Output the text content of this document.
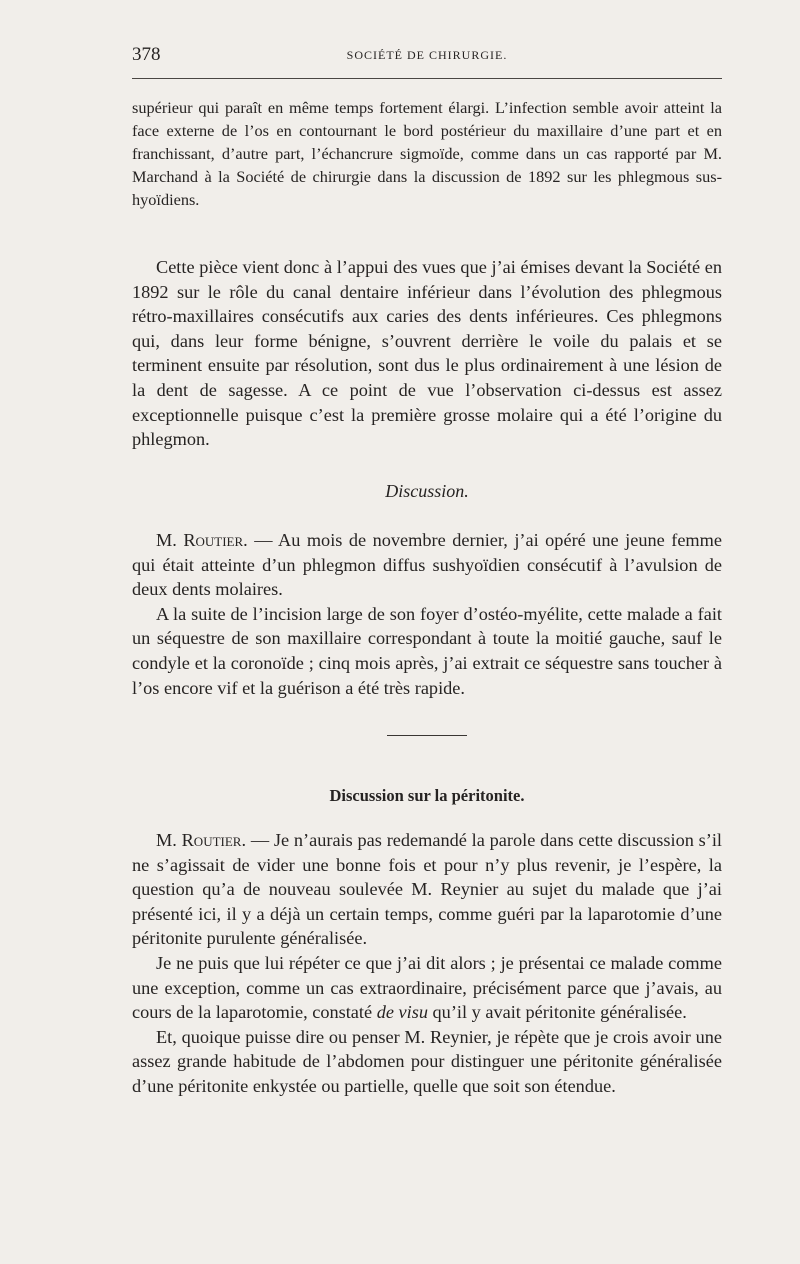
378	SOCIÉTÉ DE CHIRURGIE.

supérieur qui paraît en même temps fortement élargi. L’infection semble avoir atteint la face externe de l’os en contournant le bord postérieur du maxillaire d’une part et en franchissant, d’autre part, l’échancrure sigmoïde, comme dans un cas rapporté par M. Marchand à la Société de chirurgie dans la discussion de 1892 sur les phlegmous sus-hyoïdiens.

Cette pièce vient donc à l’appui des vues que j’ai émises devant la Société en 1892 sur le rôle du canal dentaire inférieur dans l’évolution des phlegmous rétro-maxillaires consécutifs aux caries des dents inférieures. Ces phlegmons qui, dans leur forme bénigne, s’ouvrent derrière le voile du palais et se terminent ensuite par résolution, sont dus le plus ordinairement à une lésion de la dent de sagesse. A ce point de vue l’observation ci-dessus est assez exceptionnelle puisque c’est la première grosse molaire qui a été l’origine du phlegmon.

Discussion.

M. Routier. — Au mois de novembre dernier, j’ai opéré une jeune femme qui était atteinte d’un phlegmon diffus sushyoïdien consécutif à l’avulsion de deux dents molaires.

A la suite de l’incision large de son foyer d’ostéo-myélite, cette malade a fait un séquestre de son maxillaire correspondant à toute la moitié gauche, sauf le condyle et la coronoïde ; cinq mois après, j’ai extrait ce séquestre sans toucher à l’os encore vif et la guérison a été très rapide.

Discussion sur la péritonite.

M. Routier. — Je n’aurais pas redemandé la parole dans cette discussion s’il ne s’agissait de vider une bonne fois et pour n’y plus revenir, je l’espère, la question qu’a de nouveau soulevée M. Reynier au sujet du malade que j’ai présenté ici, il y a déjà un certain temps, comme guéri par la laparotomie d’une péritonite purulente généralisée.

Je ne puis que lui répéter ce que j’ai dit alors ; je présentai ce malade comme une exception, comme un cas extraordinaire, précisément parce que j’avais, au cours de la laparotomie, constaté de visu qu’il y avait péritonite généralisée.

Et, quoique puisse dire ou penser M. Reynier, je répète que je crois avoir une assez grande habitude de l’abdomen pour distinguer une péritonite généralisée d’une péritonite enkystée ou partielle, quelle que soit son étendue.
